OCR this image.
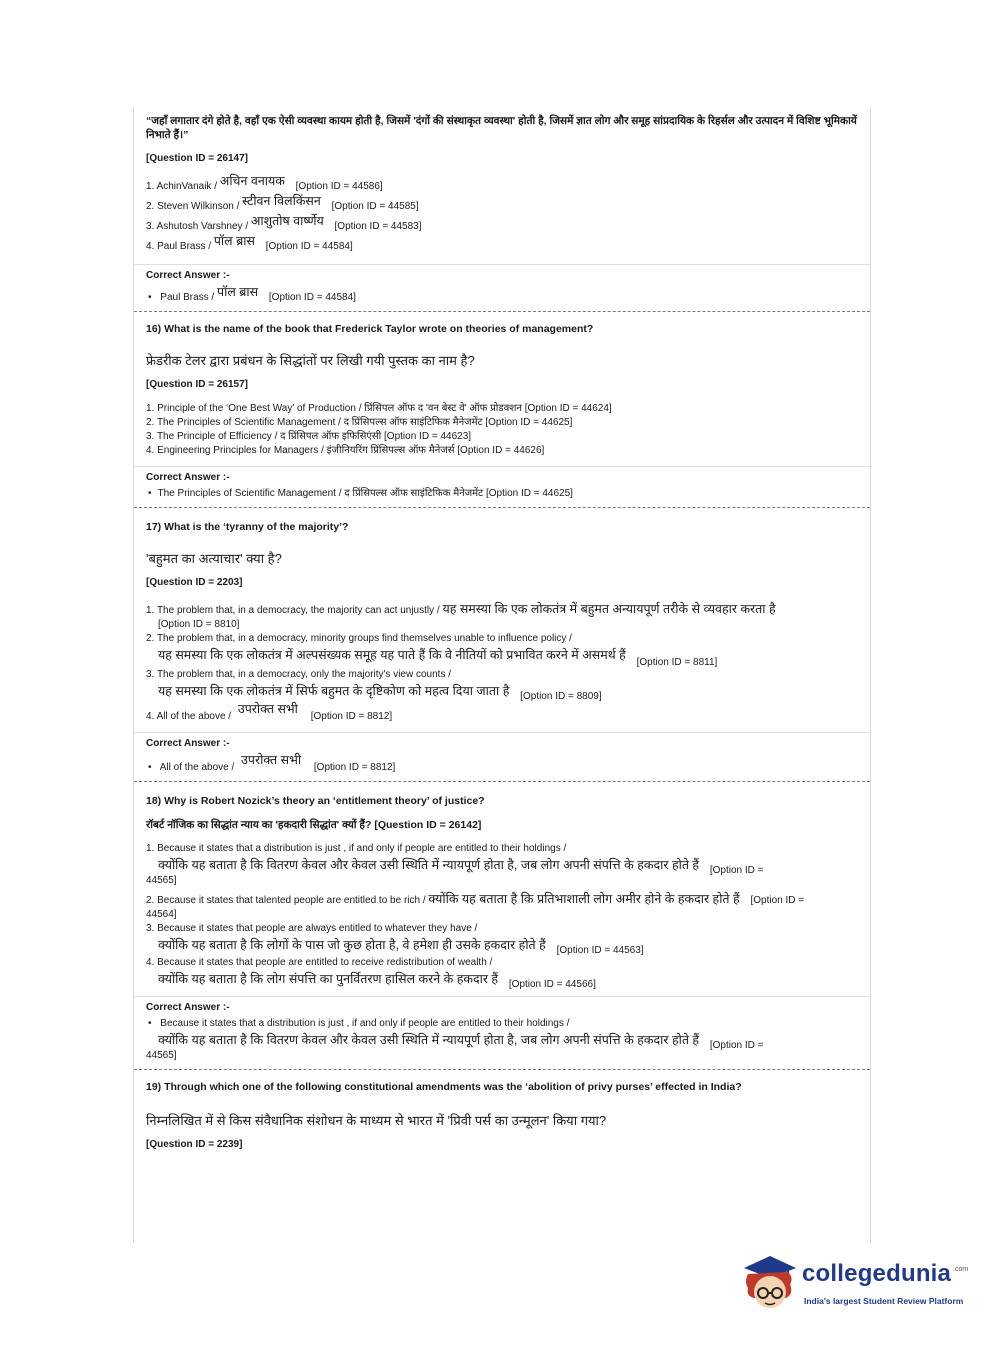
“जहाँ लगातार दंगे होते है, वहाँ एक ऐसी व्यवस्था कायम होती है, जिसमें 'दंगों की संस्थाकृत व्यवस्था' होती है, जिसमें ज्ञात लोग और समूह सांप्रदायिक के रिहर्सल और उत्पादन में विशिष्ट भूमिकायें निभाते हैं।”
[Question ID = 26147]
1. AchinVanaik / अचिन वनायक [Option ID = 44586]
2. Steven Wilkinson / स्टीवन विलकिंसन [Option ID = 44585]
3. Ashutosh Varshney / आशुतोष वार्ष्णेय [Option ID = 44583]
4. Paul Brass / पॉल ब्रास [Option ID = 44584]
Correct Answer :-
• Paul Brass / पॉल ब्रास [Option ID = 44584]
16) What is the name of the book that Frederick Taylor wrote on theories of management?
फ्रेडरीक टेलर द्वारा प्रबंधन के सिद्धांतों पर लिखी गयी पुस्तक का नाम है?
[Question ID = 26157]
1. Principle of the ‘One Best Way’ of Production / प्रिंसिपल ऑफ द 'वन बेस्ट वे' ऑफ प्रोडक्शन [Option ID = 44624]
2. The Principles of Scientific Management / द प्रिंसिपल्स ऑफ साइंटिफिक मैनेजमेंट [Option ID = 44625]
3. The Principle of Efficiency / द प्रिंसिपल ऑफ इफिसिएंसी [Option ID = 44623]
4. Engineering Principles for Managers / इंजीनियरिंग प्रिंसिपल्स ऑफ मैनेजर्स [Option ID = 44626]
Correct Answer :-
• The Principles of Scientific Management / द प्रिंसिपल्स ऑफ साइंटिफिक मैनेजमेंट [Option ID = 44625]
17) What is the ‘tyranny of the majority’?
'बहुमत का अत्याचार' क्या है?
[Question ID = 2203]
1. The problem that, in a democracy, the majority can act unjustly / यह समस्या कि एक लोकतंत्र में बहुमत अन्यायपूर्ण तरीके से व्यवहार करता है
[Option ID = 8810]
2. The problem that, in a democracy, minority groups find themselves unable to influence policy /
यह समस्या कि एक लोकतंत्र में अल्पसंख्यक समूह यह पाते हैं कि वे नीतियों को प्रभावित करने में असमर्थ हैं [Option ID = 8811]
3. The problem that, in a democracy, only the majority's view counts /
यह समस्या कि एक लोकतंत्र में सिर्फ बहुमत के दृष्टिकोण को महत्व दिया जाता है [Option ID = 8809]
4. All of the above / उपरोक्त सभी [Option ID = 8812]
Correct Answer :-
• All of the above / उपरोक्त सभी [Option ID = 8812]
18) Why is Robert Nozick’s theory an ‘entitlement theory’ of justice?
रॉबर्ट नॉजिक का सिद्धांत न्याय का 'हकदारी सिद्धांत' क्यों हैं? [Question ID = 26142]
1. Because it states that a distribution is just , if and only if people are entitled to their holdings /
क्योंकि यह बताता है कि वितरण केवल और केवल उसी स्थिति में न्यायपूर्ण होता है, जब लोग अपनी संपत्ति के हकदार होते हैं [Option ID =
44565]
2. Because it states that talented people are entitled to be rich / क्योंकि यह बताता है कि प्रतिभाशाली लोग अमीर होने के हकदार होते हैं [Option ID =
44564]
3. Because it states that people are always entitled to whatever they have /
क्योंकि यह बताता है कि लोगों के पास जो कुछ होता है, वे हमेशा ही उसके हकदार होते हैं [Option ID = 44563]
4. Because it states that people are entitled to receive redistribution of wealth /
क्योंकि यह बताता है कि लोग संपत्ति का पुनर्वितरण हासिल करने के हकदार हैं [Option ID = 44566]
Correct Answer :-
• Because it states that a distribution is just , if and only if people are entitled to their holdings /
क्योंकि यह बताता है कि वितरण केवल और केवल उसी स्थिति में न्यायपूर्ण होता है, जब लोग अपनी संपत्ति के हकदार होते हैं [Option ID =
44565]
19) Through which one of the following constitutional amendments was the ‘abolition of privy purses’ effected in India?
निम्नलिखित में से किस संवैधानिक संशोधन के माध्यम से भारत में 'प्रिवी पर्स का उन्मूलन' किया गया?
[Question ID = 2239]
collegedunia .com
India's largest Student Review Platform
